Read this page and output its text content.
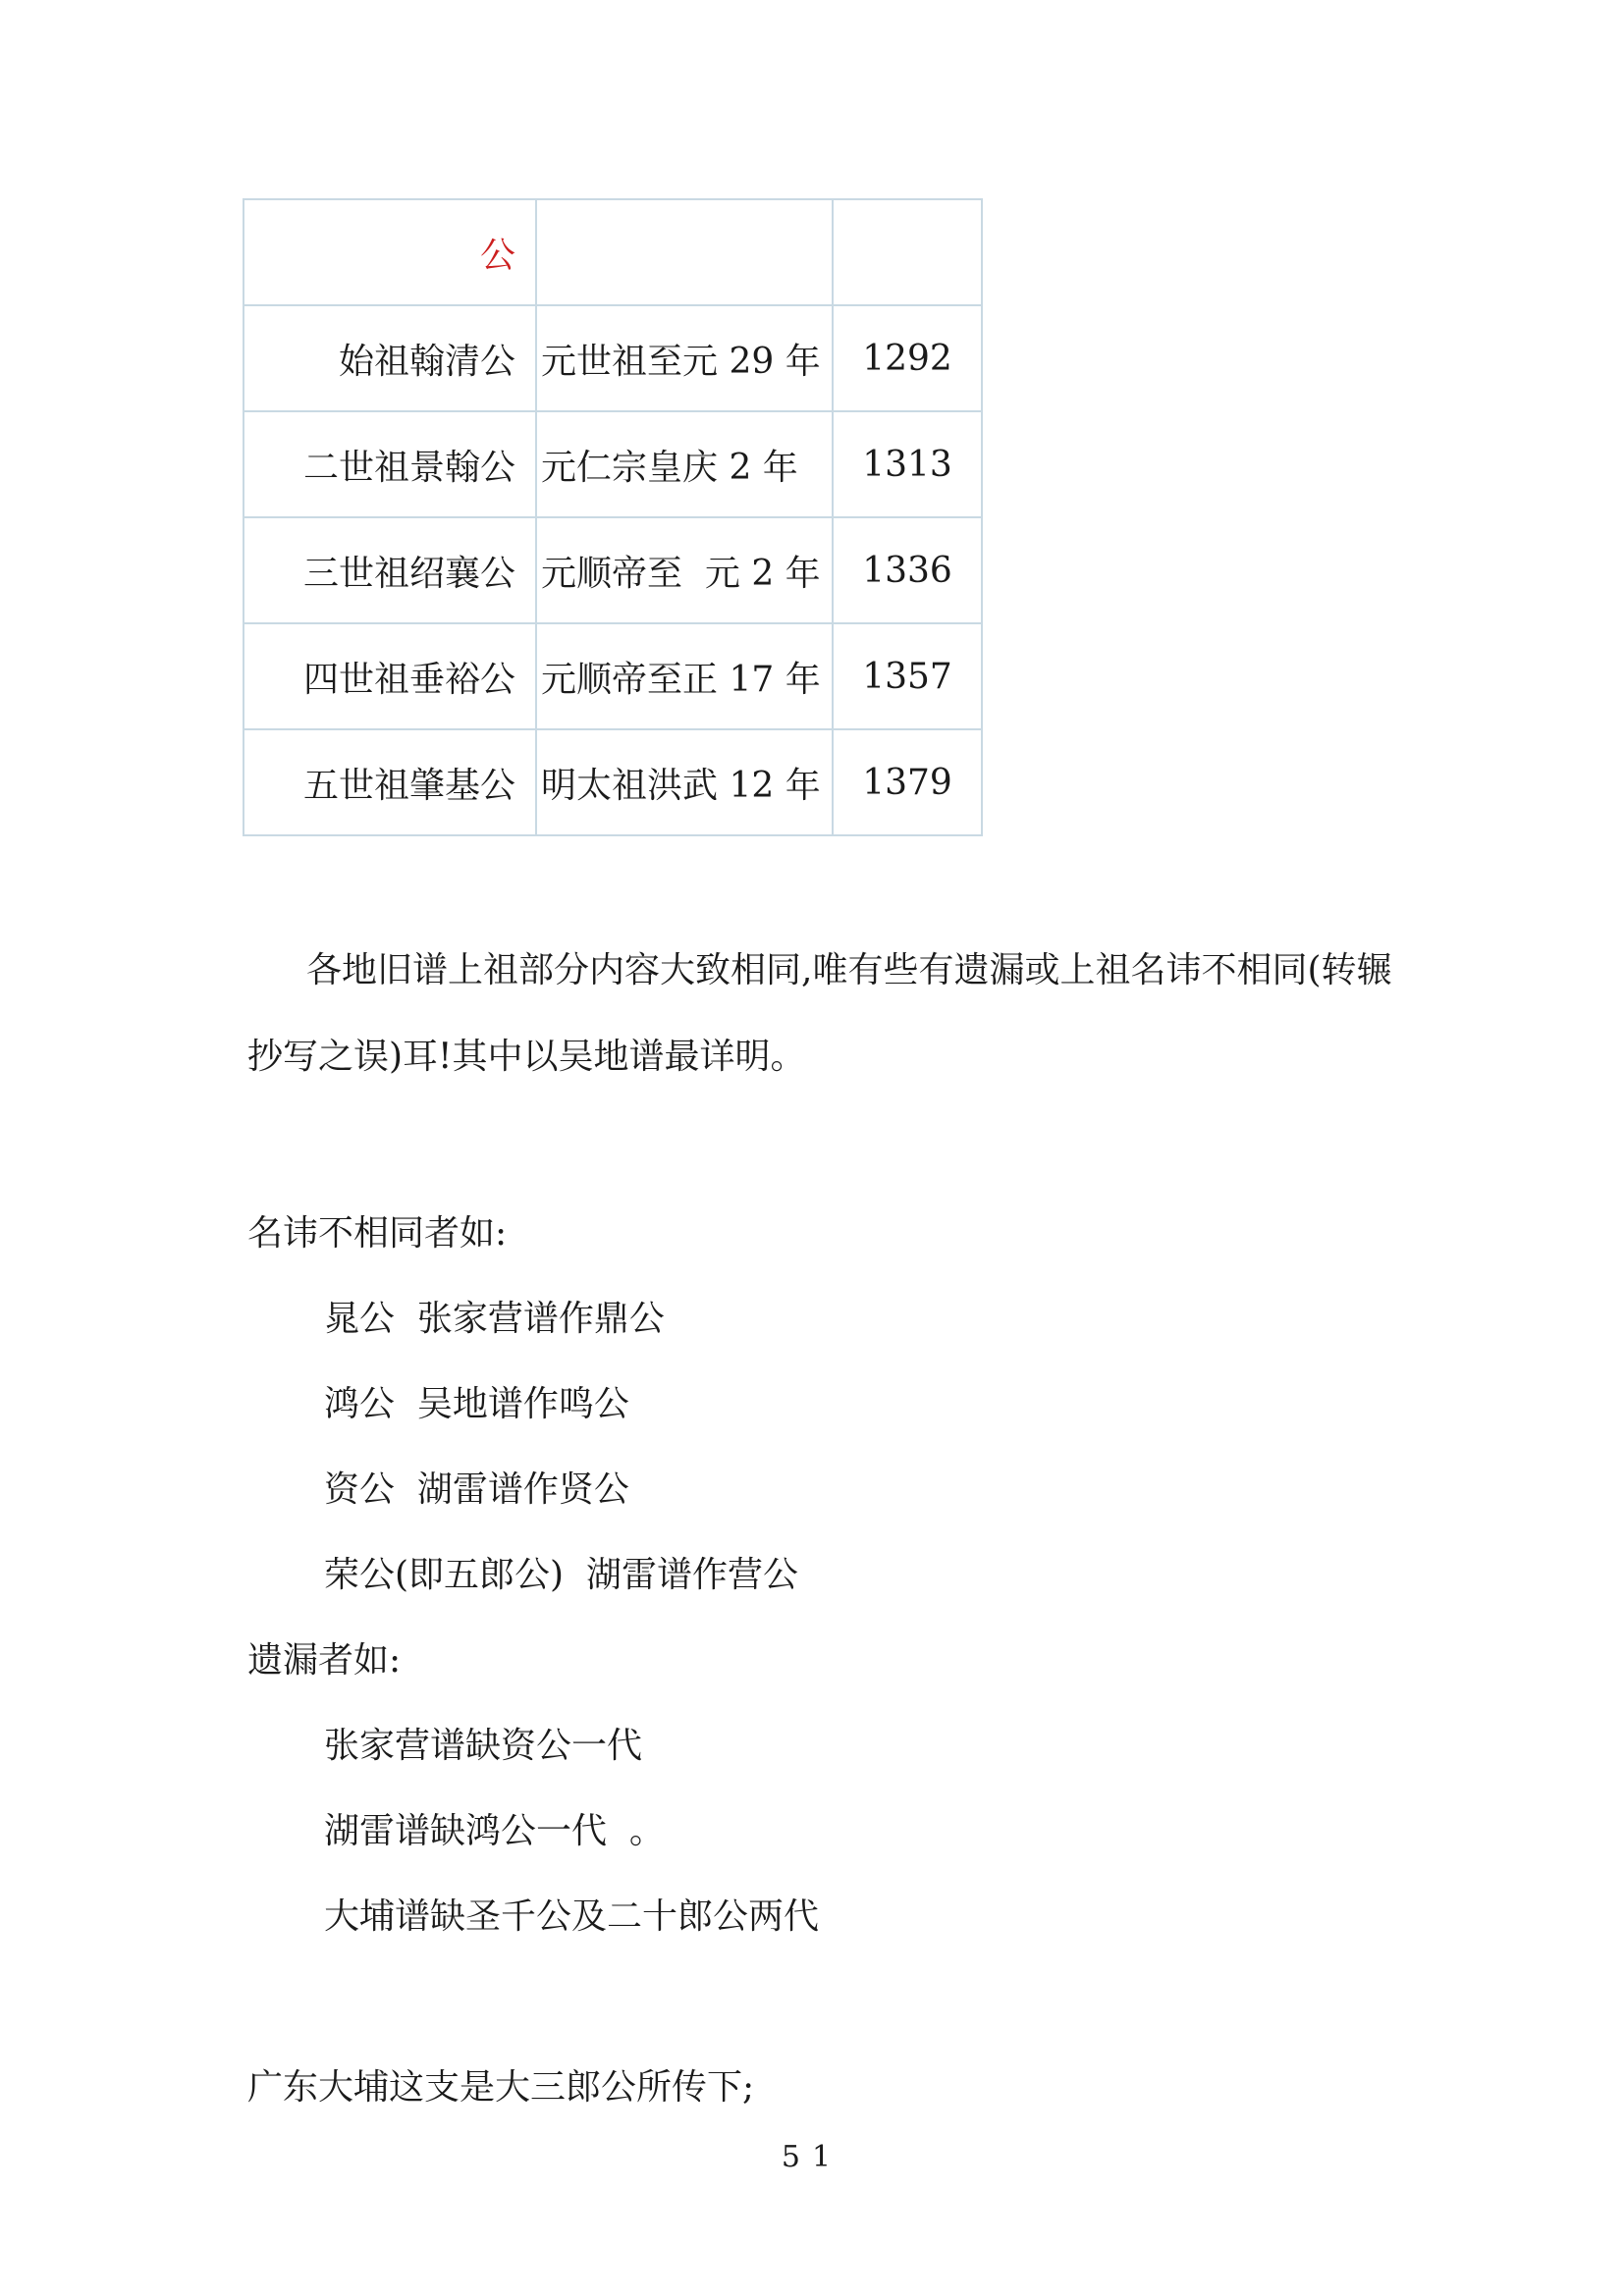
公		
始祖翰清公	元世祖至元 29 年	1292
二世祖景翰公	元仁宗皇庆 2 年	1313
三世祖绍襄公	元顺帝至  元 2 年	1336
四世祖垂裕公	元顺帝至正 17 年	1357
五世祖肇基公	明太祖洪武 12 年	1379

各地旧谱上祖部分内容大致相同,唯有些有遗漏或上祖名讳不相同(转辗抄写之误)耳!其中以吴地谱最详明。

名讳不相同者如:

晁公  张家营谱作鼎公

鸿公  吴地谱作鸣公

资公  湖雷谱作贤公

荣公(即五郎公)  湖雷谱作营公

遗漏者如:

张家营谱缺资公一代

湖雷谱缺鸿公一代  。

大埔谱缺圣千公及二十郎公两代

广东大埔这支是大三郎公所传下;

51
